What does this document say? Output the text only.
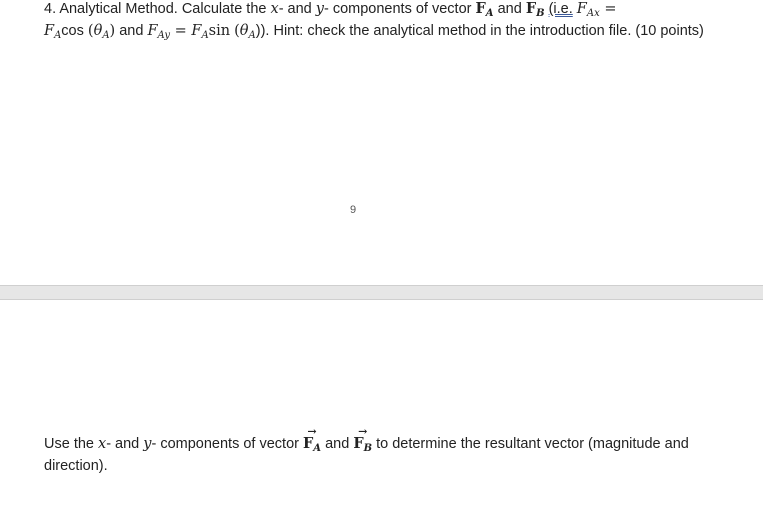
4. Analytical Method. Calculate the x- and y- components of vector $F_A$ and $F_B$ (i.e. $F_{Ax}$ =
$F_A\cos$ $(\theta_A)$ and $F_{Ay} = F_A\sin$ $(\theta_A)$). Hint: check the analytical method in the introduction file. (10 points)

9

Use the x- and y- components of vector
→
$F_A$ and
→
$F_B$ to determine the resultant vector (magnitude and direction).
